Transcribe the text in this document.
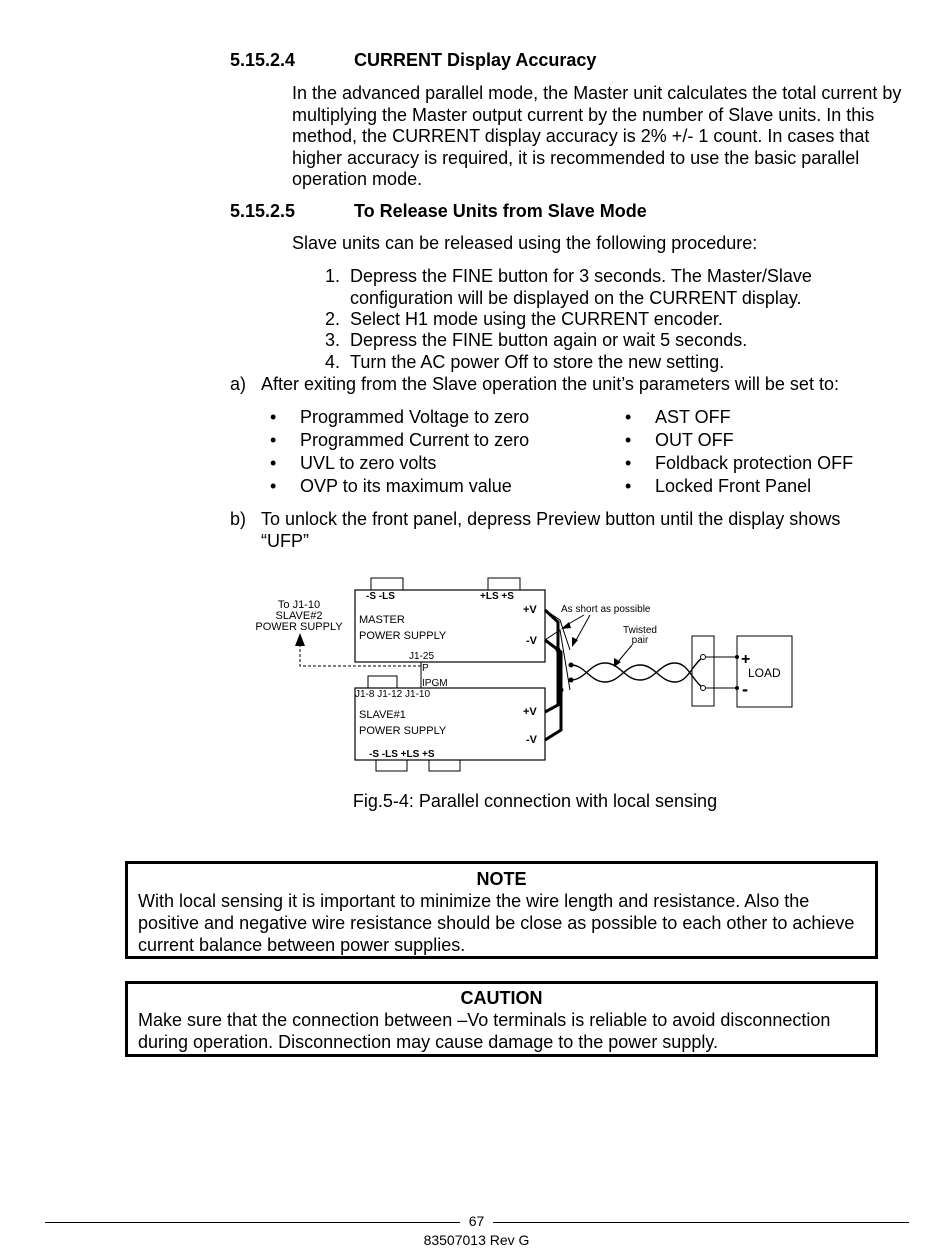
5.15.2.4	CURRENT Display Accuracy
In the advanced parallel mode, the Master unit calculates the total current by multiplying the Master output current by the number of Slave units. In this method, the CURRENT display accuracy is 2% +/- 1 count. In cases that higher accuracy is required, it is recommended to use the basic parallel operation mode.
5.15.2.5	To Release Units from Slave Mode
Slave units can be released using the following procedure:
1. Depress the FINE button for 3 seconds. The Master/Slave configuration will be displayed on the CURRENT display.
2. Select H1 mode using the CURRENT encoder.
3. Depress the FINE button again or wait 5 seconds.
4. Turn the AC power Off to store the new setting.
a) After exiting from the Slave operation the unit’s parameters will be set to:
• Programmed Voltage to zero
• Programmed Current to zero
• UVL to zero volts
• OVP to its maximum value
• AST OFF
• OUT OFF
• Foldback protection OFF
• Locked Front Panel
b) To unlock the front panel, depress Preview button until the display shows “UFP”
-S -LS	+LS +S
MASTER
POWER SUPPLY
+V
-V
J1-25
J1-8 J1-12 J1-10
SLAVE#1
POWER SUPPLY
+V
-V
-S -LS +LS +S
P
IPGM
To J1-10
SLAVE#2
POWER SUPPLY
+
-
LOAD
As short as possible
Twisted
pair
Fig.5-4: Parallel connection with local sensing
NOTE
With local sensing it is important to minimize the wire length and resistance. Also the positive and negative wire resistance should be close as possible to each other to achieve current balance between power supplies.
CAUTION
Make sure that the connection between –Vo terminals is reliable to avoid disconnection during operation. Disconnection may cause damage to the power supply.
67
83507013 Rev G
